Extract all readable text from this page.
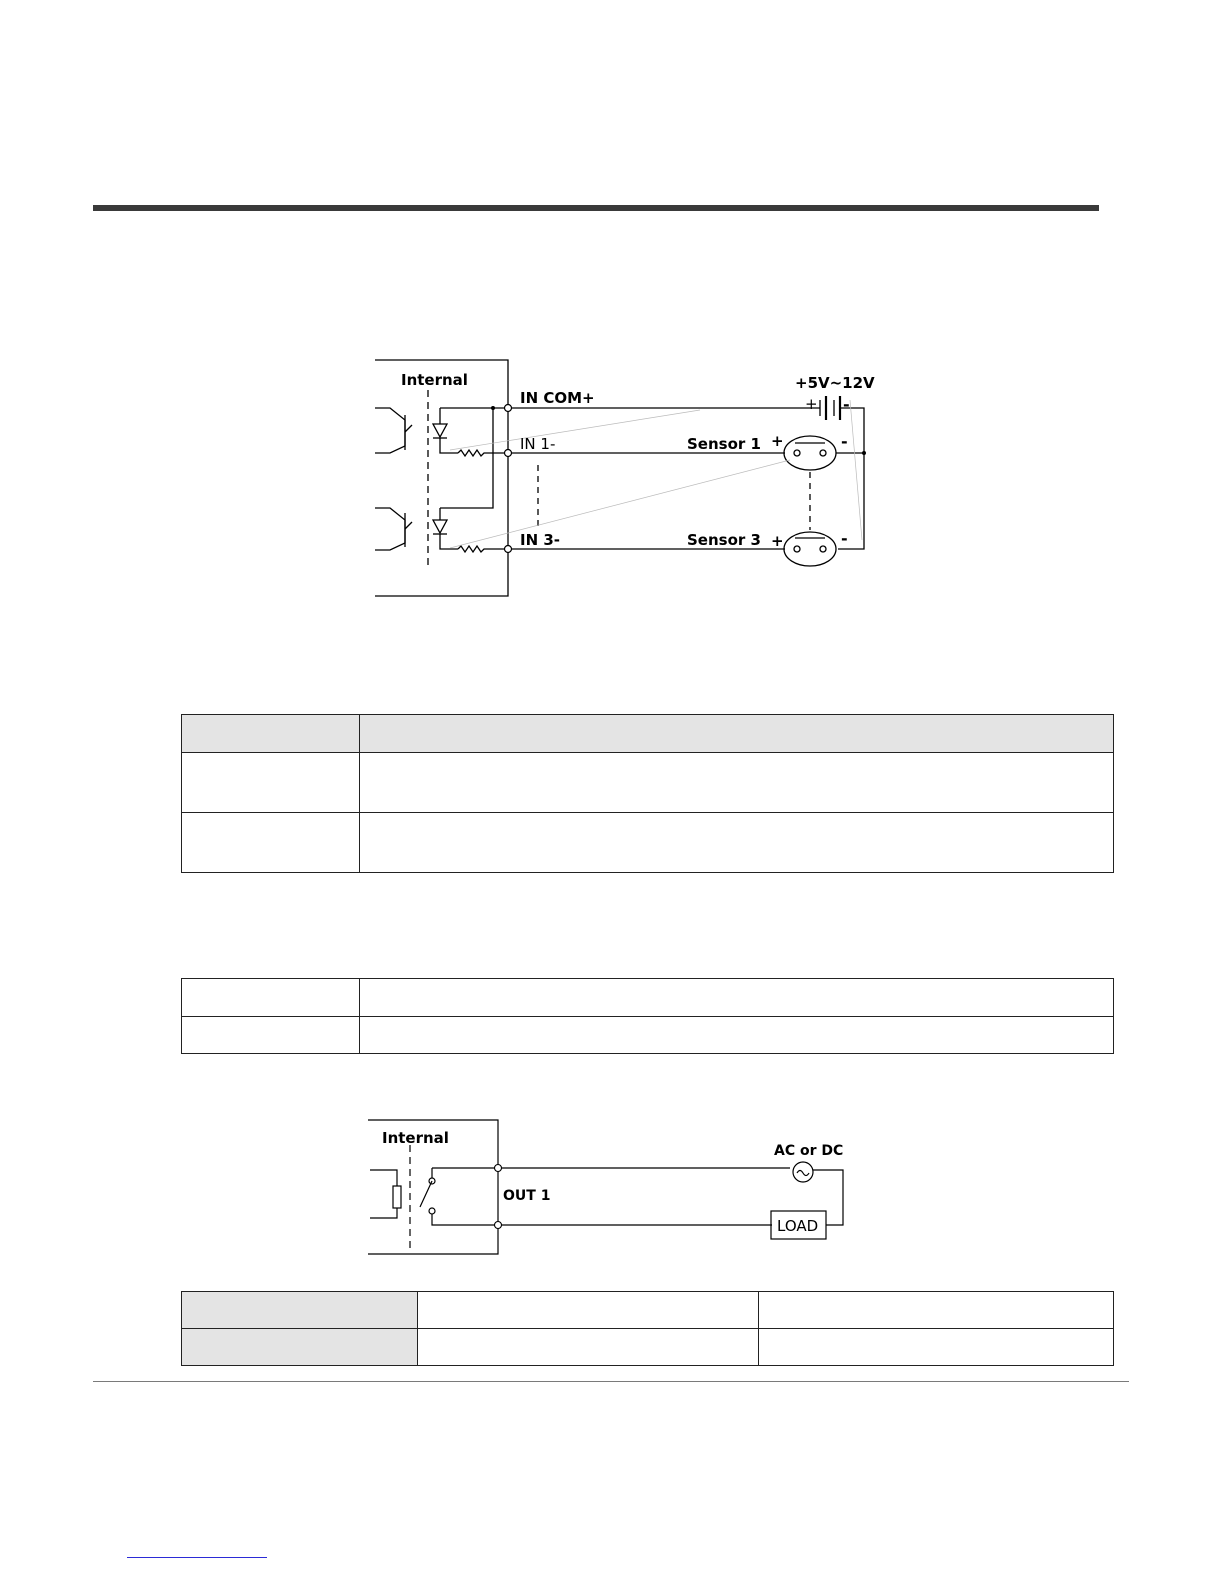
Internal
IN COM+
IN 1-
IN 3-
+5V~12V
+ -
Sensor 1
Sensor 3
+	-
+	-

Internal
OUT 1
AC or DC
LOAD
